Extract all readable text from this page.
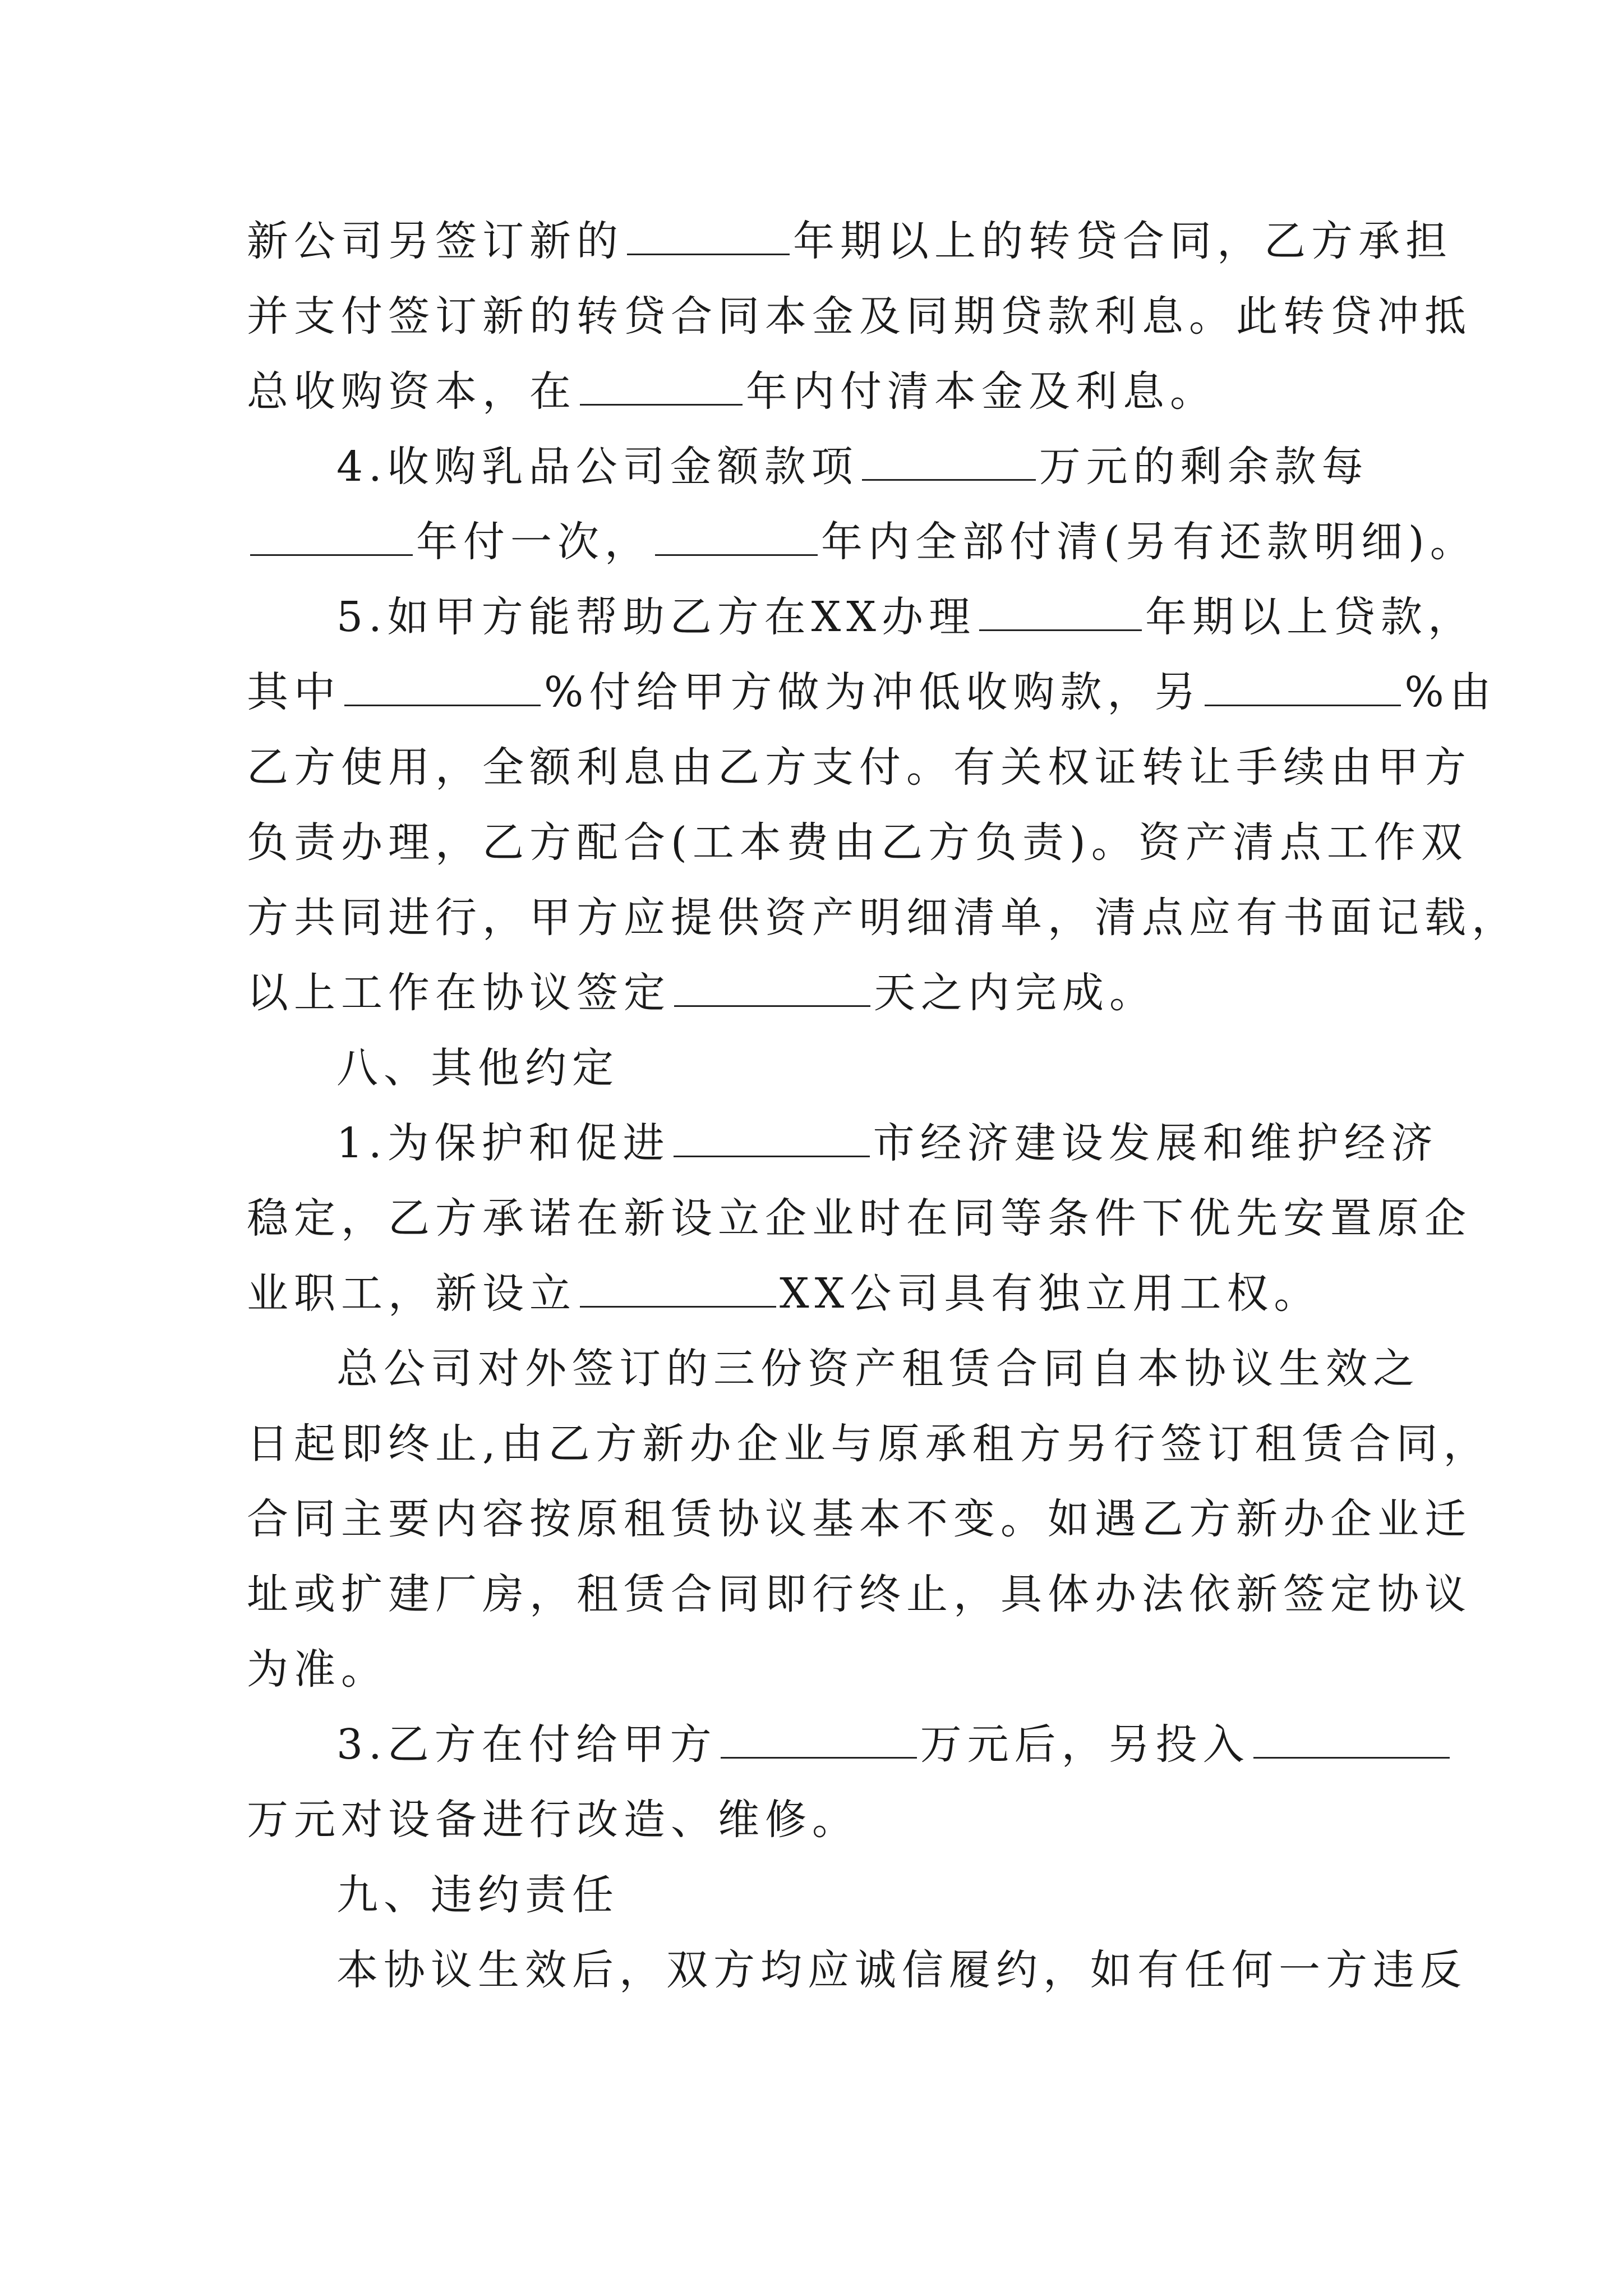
新公司另签订新的	年期以上的转贷合同，乙方承担
并支付签订新的转贷合同本金及同期贷款利息。此转贷冲抵
总收购资本，在	年内付清本金及利息。
4.收购乳品公司金额款项	万元的剩余款每
年付一次，	年内全部付清(另有还款明细)。
5.如甲方能帮助乙方在XX办理	年期以上贷款，
其中	%付给甲方做为冲低收购款，另	%由
乙方使用，全额利息由乙方支付。有关权证转让手续由甲方
负责办理，乙方配合(工本费由乙方负责)。资产清点工作双
方共同进行，甲方应提供资产明细清单，清点应有书面记载，
以上工作在协议签定	天之内完成。
八、其他约定
1.为保护和促进	市经济建设发展和维护经济
稳定，乙方承诺在新设立企业时在同等条件下优先安置原企
业职工，新设立	XX公司具有独立用工权。
总公司对外签订的三份资产租赁合同自本协议生效之
日起即终止,由乙方新办企业与原承租方另行签订租赁合同，
合同主要内容按原租赁协议基本不变。如遇乙方新办企业迁
址或扩建厂房，租赁合同即行终止，具体办法依新签定协议
为准。
3.乙方在付给甲方	万元后，另投入
万元对设备进行改造、维修。
九、违约责任
本协议生效后，双方均应诚信履约，如有任何一方违反
